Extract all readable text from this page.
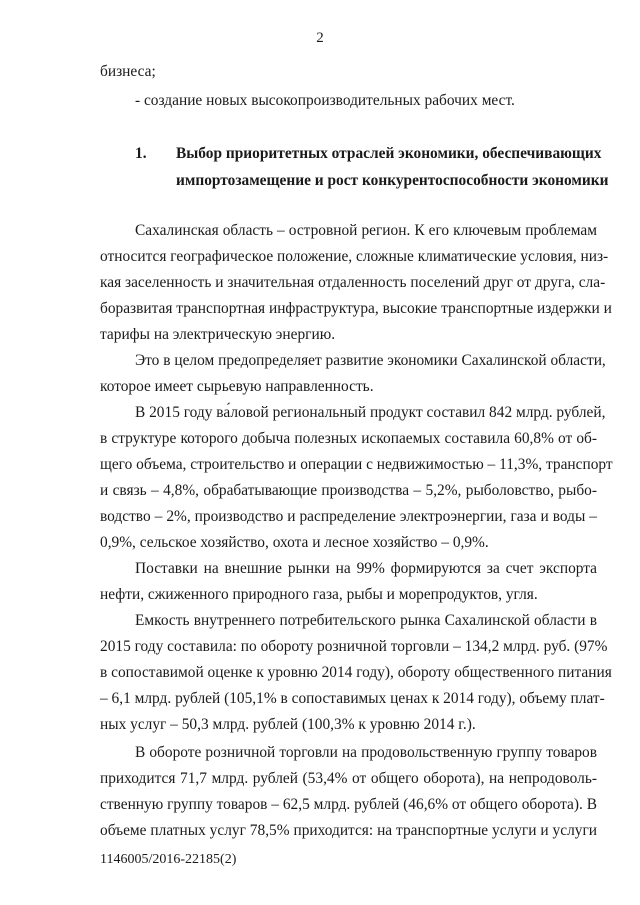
2
бизнеса;
- создание новых высокопроизводительных рабочих мест.
1. Выбор приоритетных отраслей экономики, обеспечивающих
импортозамещение и рост конкурентоспособности экономики
Сахалинская область – островной регион. К его ключевым проблемам
относится географическое положение, сложные климатические условия, низ-
кая заселенность и значительная отдаленность поселений друг от друга, сла-
боразвитая транспортная инфраструктура, высокие транспортные издержки и
тарифы на электрическую энергию.
Это в целом предопределяет развитие экономики Сахалинской области,
которое имеет сырьевую направленность.
В 2015 году ва́ловой региональный продукт составил 842 млрд. рублей,
в структуре которого добыча полезных ископаемых составила 60,8% от об-
щего объема, строительство и операции с недвижимостью – 11,3%, транспорт
и связь – 4,8%, обрабатывающие производства – 5,2%, рыболовство, рыбо-
водство – 2%, производство и распределение электроэнергии, газа и воды –
0,9%, сельское хозяйство, охота и лесное хозяйство – 0,9%.
Поставки на внешние рынки на 99% формируются за счет экспорта
нефти, сжиженного природного газа, рыбы и морепродуктов, угля.
Емкость внутреннего потребительского рынка Сахалинской области в
2015 году составила: по обороту розничной торговли – 134,2 млрд. руб. (97%
в сопоставимой оценке к уровню 2014 году), обороту общественного питания
– 6,1 млрд. рублей (105,1% в сопоставимых ценах к 2014 году), объему плат-
ных услуг – 50,3 млрд. рублей (100,3% к уровню 2014 г.).
В обороте розничной торговли на продовольственную группу товаров
приходится 71,7 млрд. рублей (53,4% от общего оборота), на непродоволь-
ственную группу товаров – 62,5 млрд. рублей (46,6% от общего оборота). В
объеме платных услуг 78,5% приходится: на транспортные услуги и услуги
1146005/2016-22185(2)
